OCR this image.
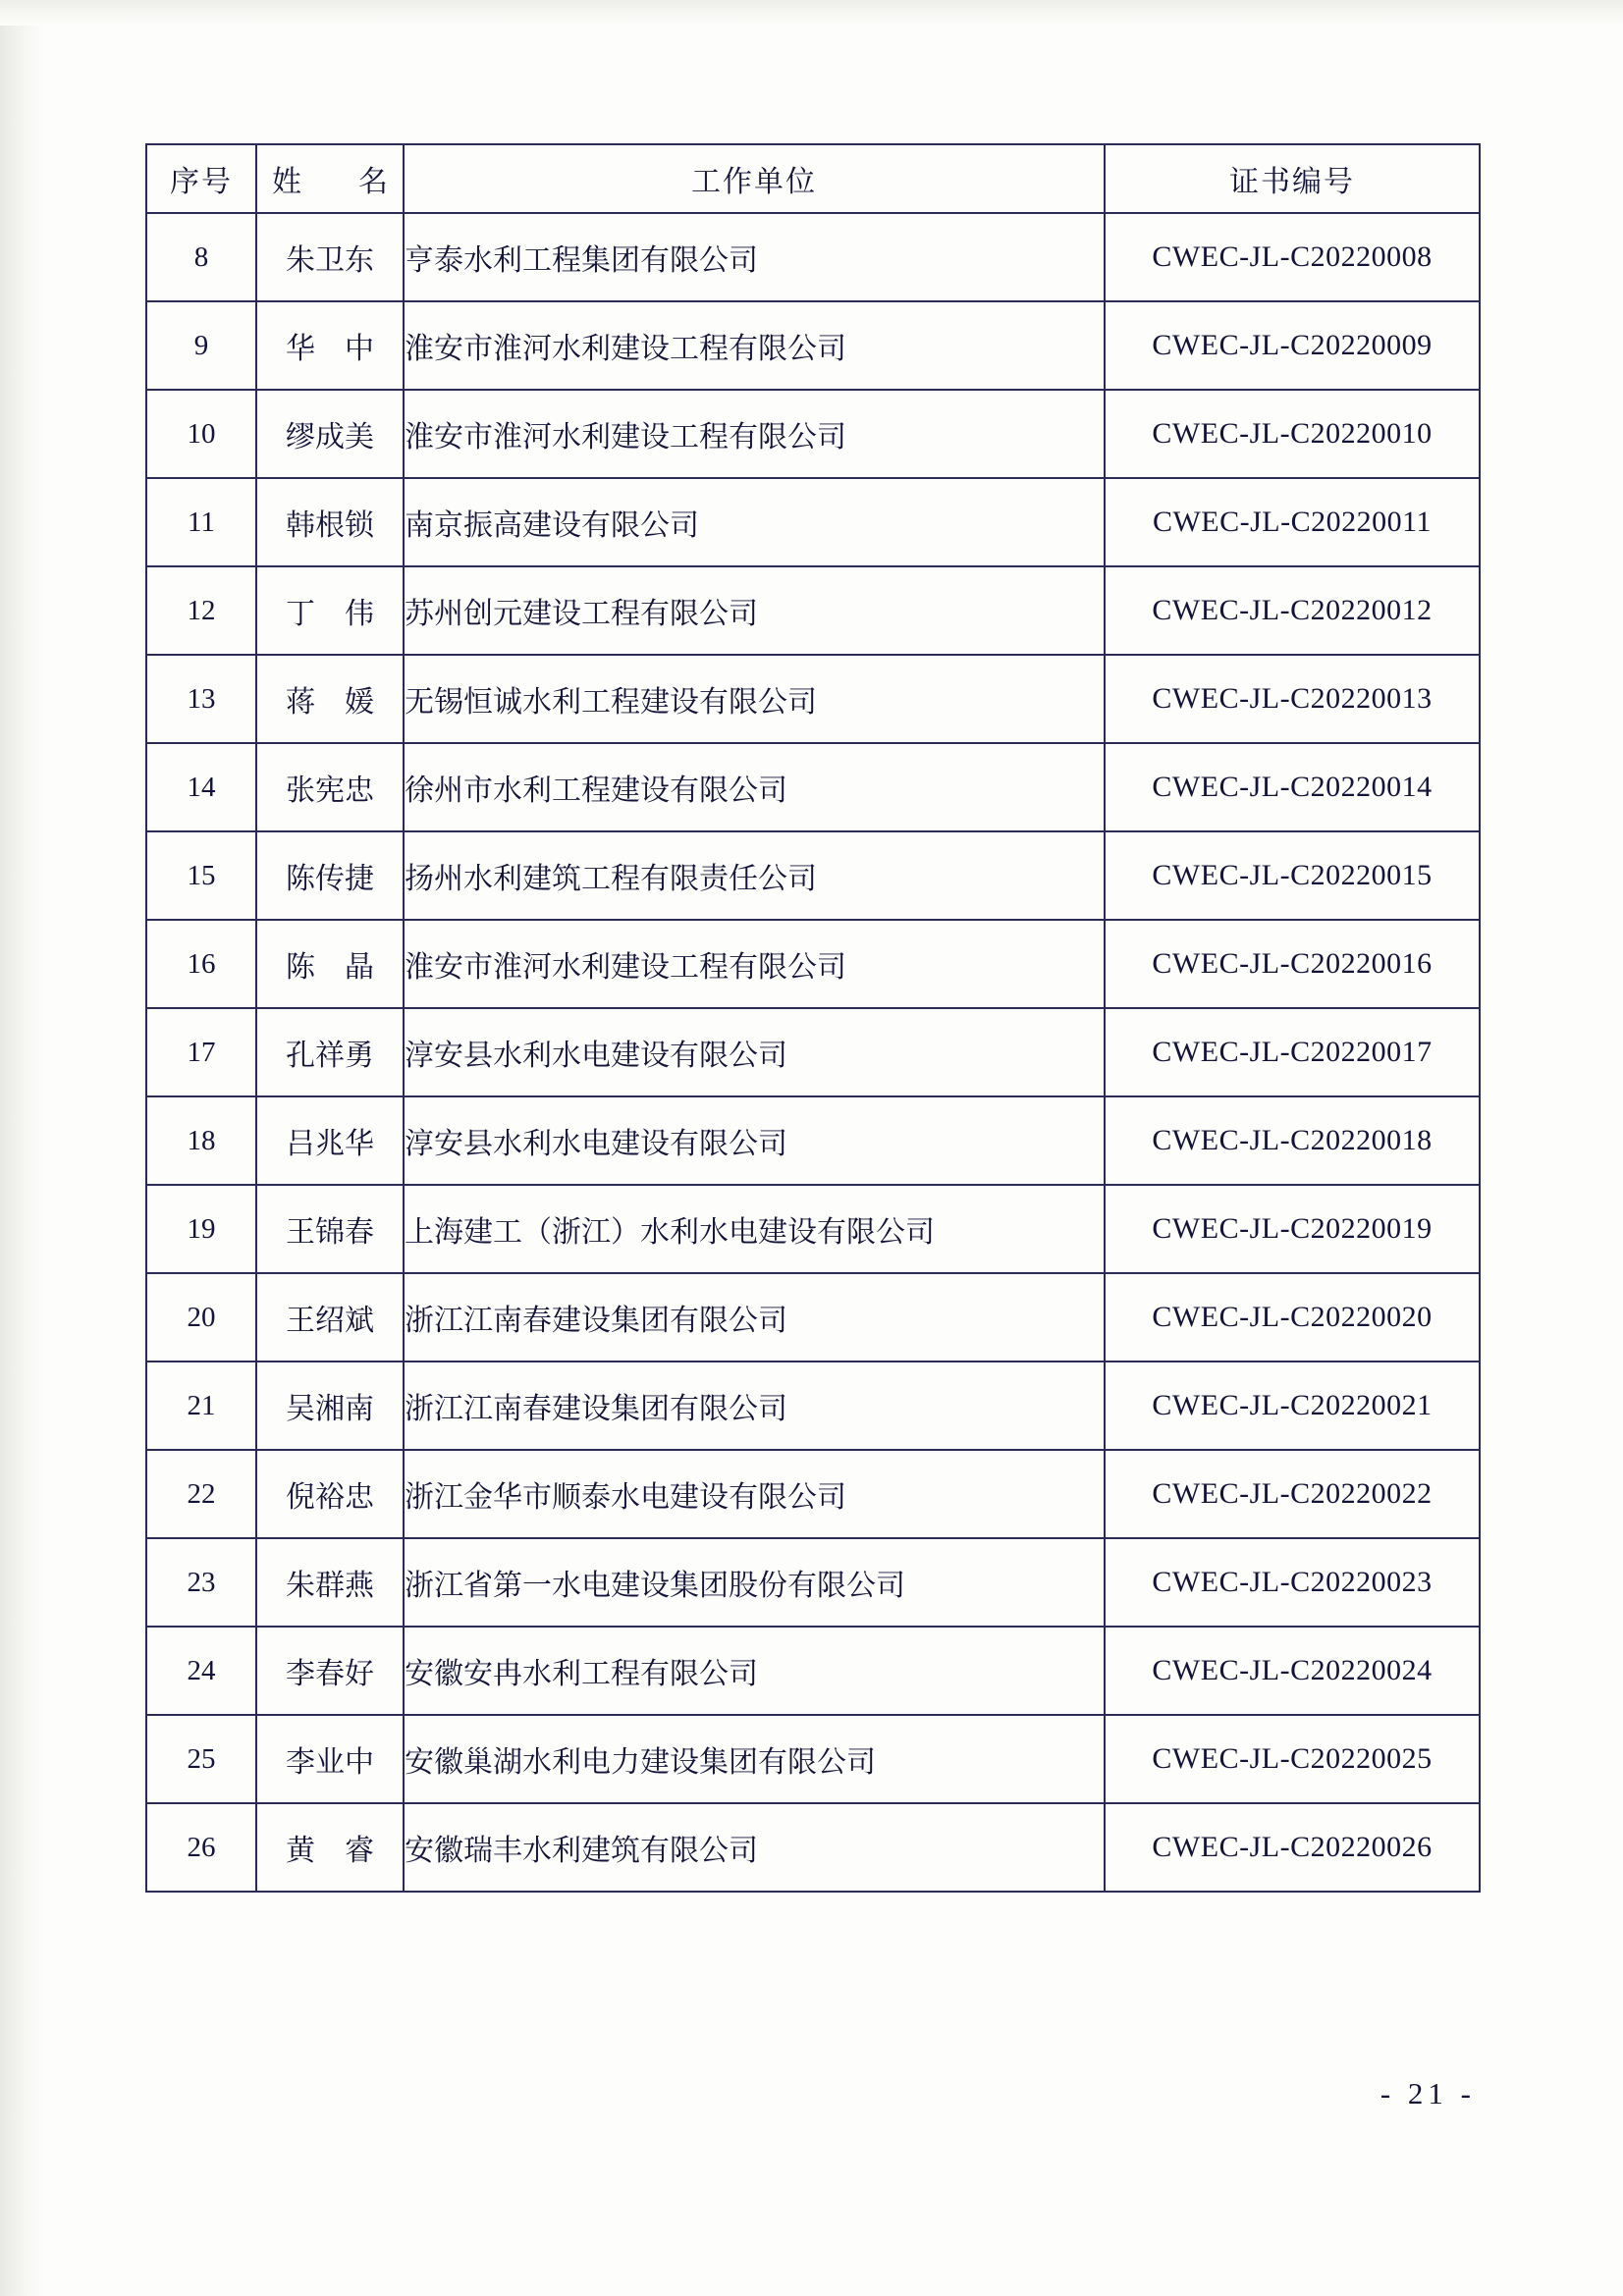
序号	姓　名	工作单位	证书编号
8	朱卫东	亨泰水利工程集团有限公司	CWEC-JL-C20220008
9	华　中	淮安市淮河水利建设工程有限公司	CWEC-JL-C20220009
10	缪成美	淮安市淮河水利建设工程有限公司	CWEC-JL-C20220010
11	韩根锁	南京振高建设有限公司	CWEC-JL-C20220011
12	丁　伟	苏州创元建设工程有限公司	CWEC-JL-C20220012
13	蒋　媛	无锡恒诚水利工程建设有限公司	CWEC-JL-C20220013
14	张宪忠	徐州市水利工程建设有限公司	CWEC-JL-C20220014
15	陈传捷	扬州水利建筑工程有限责任公司	CWEC-JL-C20220015
16	陈　晶	淮安市淮河水利建设工程有限公司	CWEC-JL-C20220016
17	孔祥勇	淳安县水利水电建设有限公司	CWEC-JL-C20220017
18	吕兆华	淳安县水利水电建设有限公司	CWEC-JL-C20220018
19	王锦春	上海建工（浙江）水利水电建设有限公司	CWEC-JL-C20220019
20	王绍斌	浙江江南春建设集团有限公司	CWEC-JL-C20220020
21	吴湘南	浙江江南春建设集团有限公司	CWEC-JL-C20220021
22	倪裕忠	浙江金华市顺泰水电建设有限公司	CWEC-JL-C20220022
23	朱群燕	浙江省第一水电建设集团股份有限公司	CWEC-JL-C20220023
24	李春好	安徽安冉水利工程有限公司	CWEC-JL-C20220024
25	李业中	安徽巢湖水利电力建设集团有限公司	CWEC-JL-C20220025
26	黄　睿	安徽瑞丰水利建筑有限公司	CWEC-JL-C20220026
- 21 -
